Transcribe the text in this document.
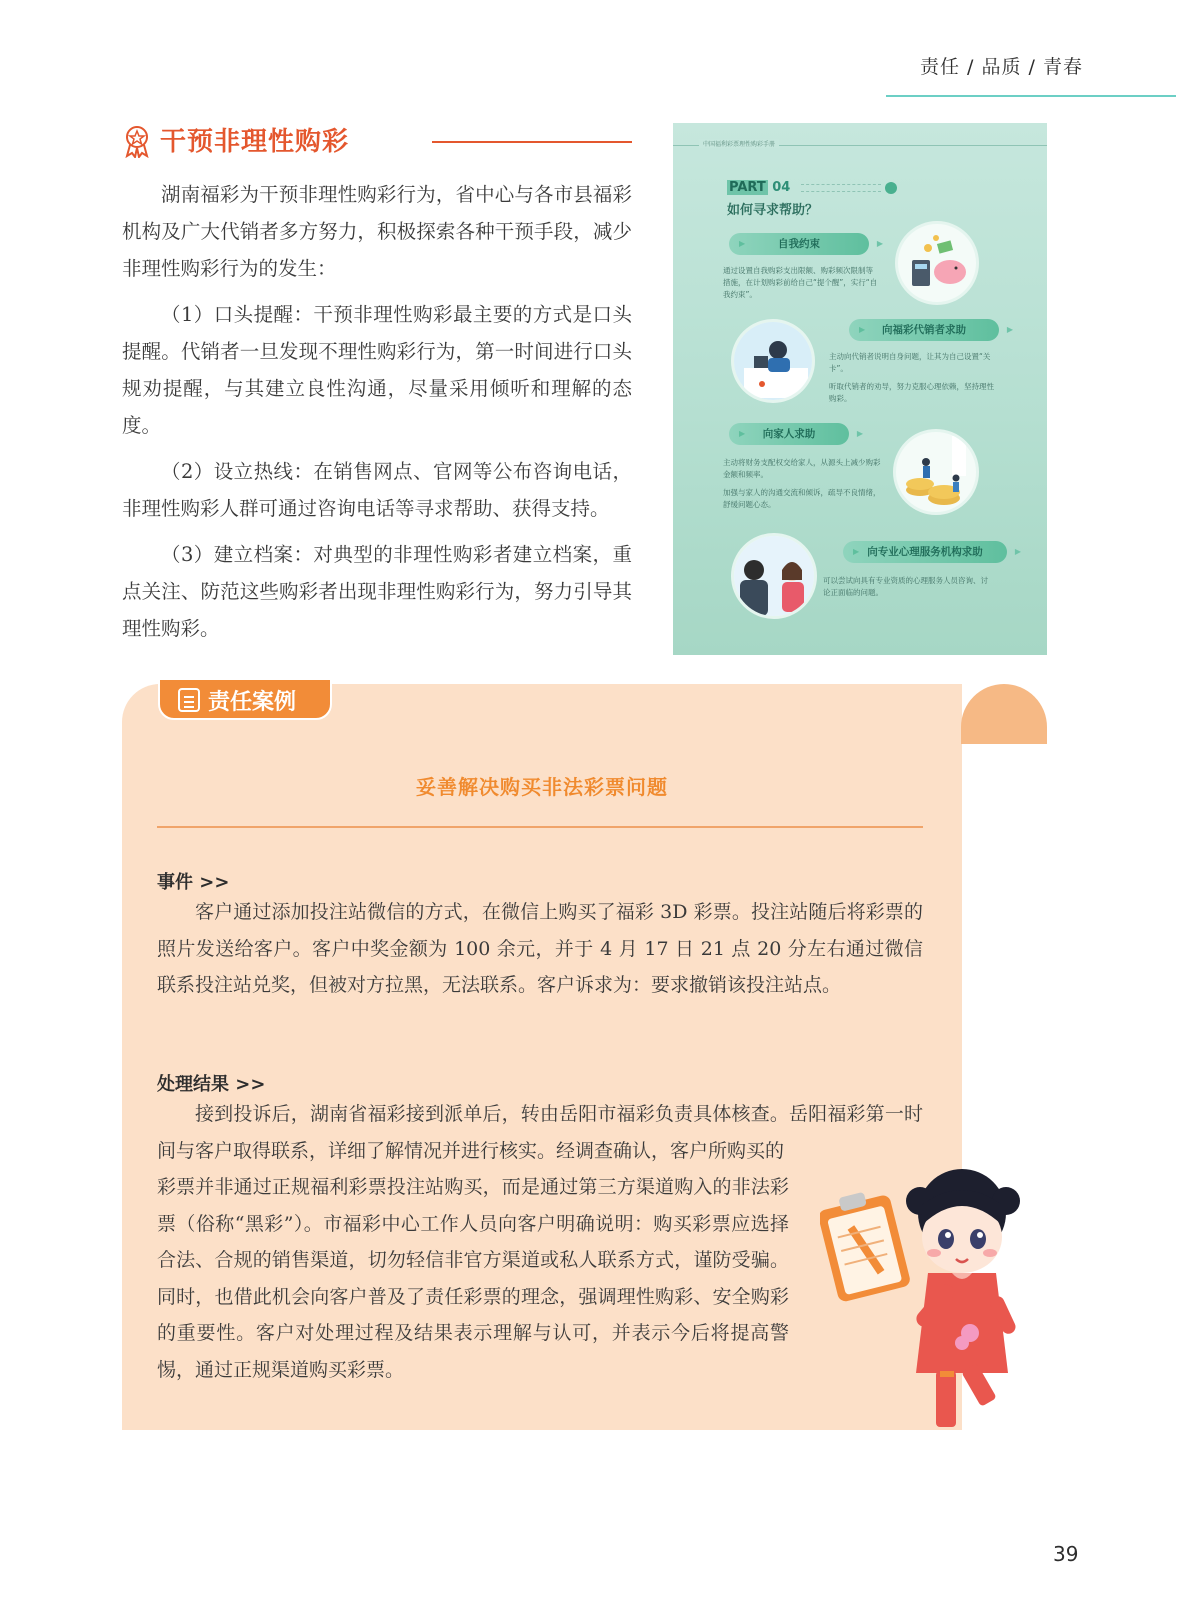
责任 / 品质 / 青春
干预非理性购彩

湖南福彩为干预非理性购彩行为，省中心与各市县福彩机构及广大代销者多方努力，积极探索各种干预手段，减少非理性购彩行为的发生：

（1）口头提醒：干预非理性购彩最主要的方式是口头提醒。代销者一旦发现不理性购彩行为，第一时间进行口头规劝提醒，与其建立良性沟通，尽量采用倾听和理解的态度。

（2）设立热线：在销售网点、官网等公布咨询电话，非理性购彩人群可通过咨询电话等寻求帮助、获得支持。

（3）建立档案：对典型的非理性购彩者建立档案，重点关注、防范这些购彩者出现非理性购彩行为，努力引导其理性购彩。

中国福利彩票理性购彩手册
PART 04
如何寻求帮助？
▶ 自我约束 ▶
通过设置自我购彩支出限额、购彩频次限制等措施，在计划购彩前给自己“提个醒”，实行“自我约束”。
▶ 向福彩代销者求助 ▶
主动向代销者说明自身问题，让其为自己设置“关卡”。
听取代销者的劝导，努力克服心理依赖，坚持理性购彩。
▶ 向家人求助 ▶
主动将财务支配权交给家人，从源头上减少购彩金额和频率。
加强与家人的沟通交流和倾诉，疏导不良情绪，舒缓问题心态。
▶ 向专业心理服务机构求助 ▶
可以尝试向具有专业资质的心理服务人员咨询、讨论正面临的问题。
责任案例
妥善解决购买非法彩票问题
事件 >>
客户通过添加投注站微信的方式，在微信上购买了福彩 3D 彩票。投注站随后将彩票的照片发送给客户。客户中奖金额为 100 余元，并于 4 月 17 日 21 点 20 分左右通过微信联系投注站兑奖，但被对方拉黑，无法联系。客户诉求为：要求撤销该投注站点。
处理结果 >>
接到投诉后，湖南省福彩接到派单后，转由岳阳市福彩负责具体核查。岳阳福彩第一时间与客户取得联系，详细了解情况并进行核实。经调查确认，客户所购买的
彩票并非通过正规福利彩票投注站购买，而是通过第三方渠道购入的非法彩票（俗称“黑彩”）。市福彩中心工作人员向客户明确说明：购买彩票应选择合法、合规的销售渠道，切勿轻信非官方渠道或私人联系方式，谨防受骗。同时，也借此机会向客户普及了责任彩票的理念，强调理性购彩、安全购彩的重要性。客户对处理过程及结果表示理解与认可，并表示今后将提高警惕，通过正规渠道购买彩票。
39
